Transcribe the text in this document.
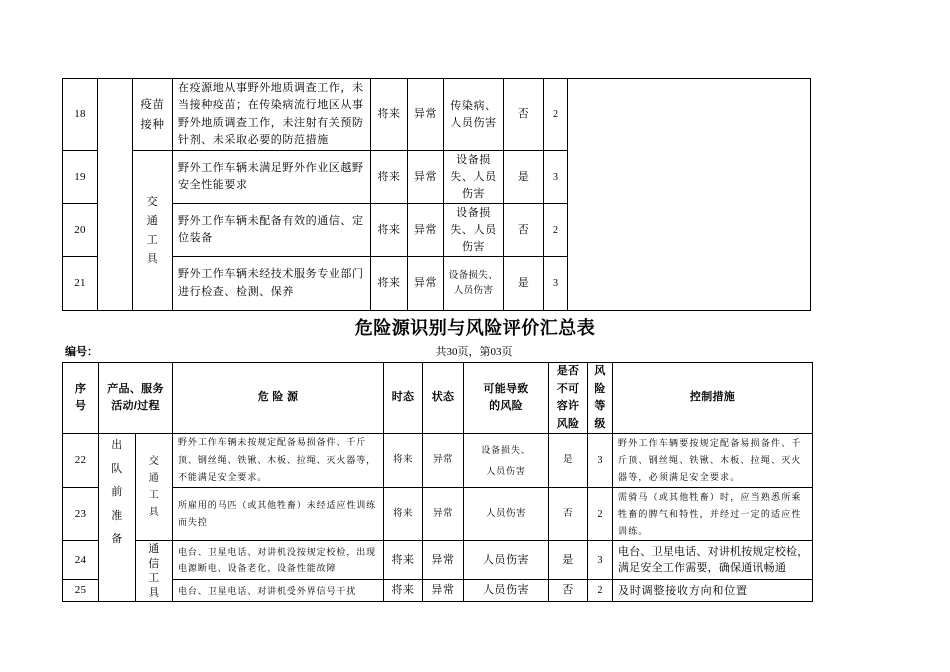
18		疫苗接种	在疫源地从事野外地质调查工作，未当接种疫苗；在传染病流行地区从事野外地质调查工作，未注射有关预防针剂、未采取必要的防范措施	将来	异常	传染病、人员伤害	否	2	
19		交通工具	野外工作车辆未满足野外作业区越野安全性能要求	将来	异常	设备损失、人员伤害	是	3	
20			野外工作车辆未配备有效的通信、定位装备	将来	异常	设备损失、人员伤害	否	2	
21			野外工作车辆未经技术服务专业部门进行检查、检测、保养	将来	异常	设备损失、人员伤害	是	3	
危险源识别与风险评价汇总表
编号：	共30页，第03页
序号	产品、服务活动/过程		危 险 源	时态	状态	可能导致的风险	是否不可容许风险	风险等级	控制措施
22	出队前准备	交通工具	野外工作车辆未按规定配备易损备件、千斤顶、钢丝绳、铁锹、木板、拉绳、灭火器等，不能满足安全要求。	将来	异常	设备损失、人员伤害	是	3	野外工作车辆要按规定配备易损备件、千斤顶、钢丝绳、铁锹、木板、拉绳、灭火器等，必须满足安全要求。
23			所雇用的马匹（或其他牲畜）未经适应性训练而失控	将来	异常	人员伤害	否	2	需骑马（或其他牲畜）时，应当熟悉所乘牲畜的脾气和特性，并经过一定的适应性训练。
24		通信工具	电台、卫星电话、对讲机没按规定校检，出现电源断电、设备老化、设备性能故障	将来	异常	人员伤害	是	3	电台、卫星电话、对讲机按规定校检，满足安全工作需要，确保通讯畅通
25			电台、卫星电话、对讲机受外界信号干扰	将来	异常	人员伤害	否	2	及时调整接收方向和位置
